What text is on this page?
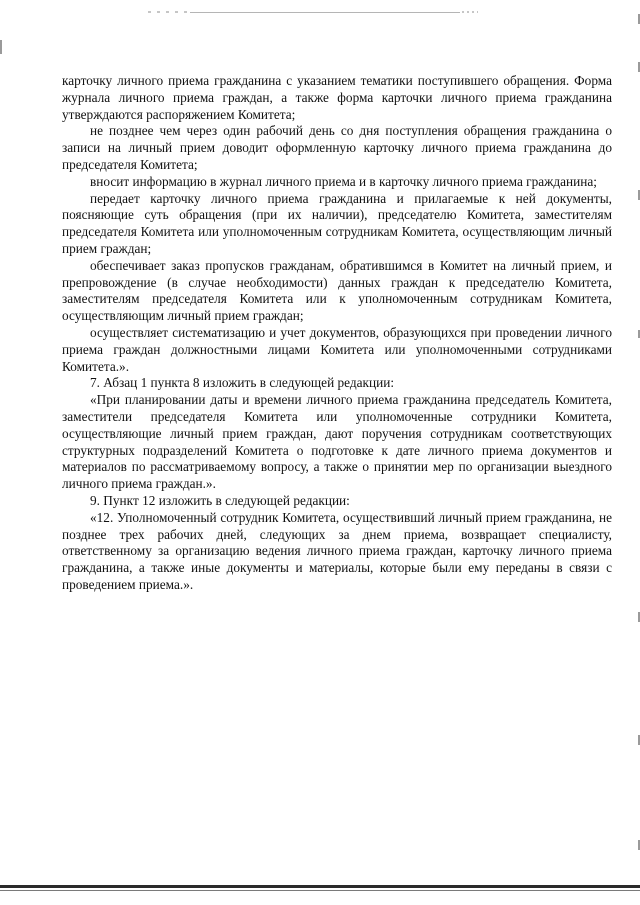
карточку личного приема гражданина с указанием тематики поступившего обращения. Форма журнала личного приема граждан, а также форма карточки личного приема гражданина утверждаются распоряжением Комитета;

не позднее чем через один рабочий день со дня поступления обращения гражданина о записи на личный прием доводит оформленную карточку личного приема гражданина до председателя Комитета;

вносит информацию в журнал личного приема и в карточку личного приема гражданина;

передает карточку личного приема гражданина и прилагаемые к ней документы, поясняющие суть обращения (при их наличии), председателю Комитета, заместителям председателя Комитета или уполномоченным сотрудникам Комитета, осуществляющим личный прием граждан;

обеспечивает заказ пропусков гражданам, обратившимся в Комитет на личный прием, и препровождение (в случае необходимости) данных граждан к председателю Комитета, заместителям председателя Комитета или к уполномоченным сотрудникам Комитета, осуществляющим личный прием граждан;

осуществляет систематизацию и учет документов, образующихся при проведении личного приема граждан должностными лицами Комитета или уполномоченными сотрудниками Комитета.».

7. Абзац 1 пункта 8 изложить в следующей редакции:

«При планировании даты и времени личного приема гражданина председатель Комитета, заместители председателя Комитета или уполномоченные сотрудники Комитета, осуществляющие личный прием граждан, дают поручения сотрудникам соответствующих структурных подразделений Комитета о подготовке к дате личного приема документов и материалов по рассматриваемому вопросу, а также о принятии мер по организации выездного личного приема граждан.».

9. Пункт 12 изложить в следующей редакции:

«12. Уполномоченный сотрудник Комитета, осуществивший личный прием гражданина, не позднее трех рабочих дней, следующих за днем приема, возвращает специалисту, ответственному за организацию ведения личного приема граждан, карточку личного приема гражданина, а также иные документы и материалы, которые были ему переданы в связи с проведением приема.».
